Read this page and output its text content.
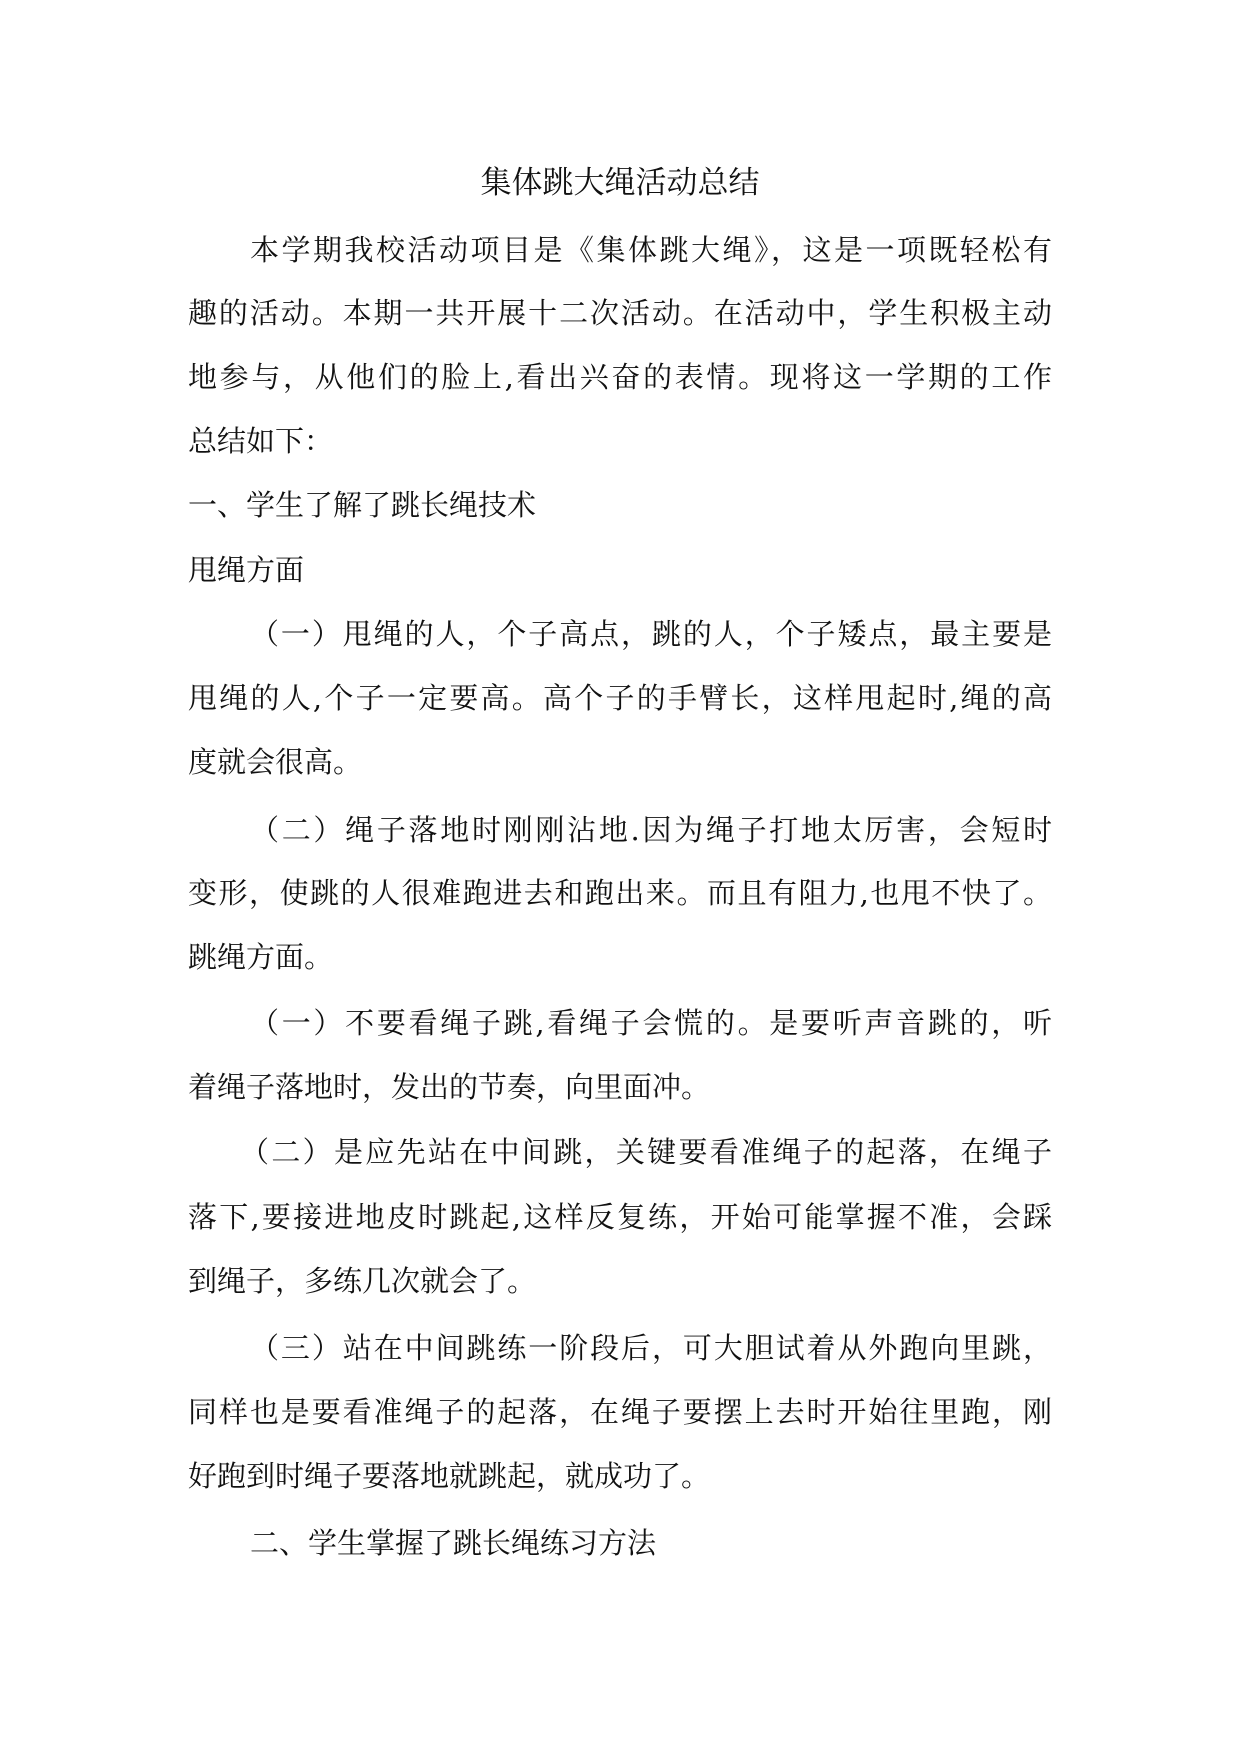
集体跳大绳活动总结
本学期我校活动项目是《集体跳大绳》，这是一项既轻松有
趣的活动。本期一共开展十二次活动。在活动中，学生积极主动
地参与，从他们的脸上,看出兴奋的表情。现将这一学期的工作
总结如下：
一、学生了解了跳长绳技术
甩绳方面
（一）甩绳的人，个子高点，跳的人，个子矮点，最主要是
甩绳的人,个子一定要高。高个子的手臂长，这样甩起时,绳的高
度就会很高。
（二）绳子落地时刚刚沾地.因为绳子打地太厉害，会短时
变形，使跳的人很难跑进去和跑出来。而且有阻力,也甩不快了。
跳绳方面。
（一）不要看绳子跳,看绳子会慌的。是要听声音跳的，听
着绳子落地时，发出的节奏，向里面冲。
（二）是应先站在中间跳，关键要看准绳子的起落，在绳子
落下,要接进地皮时跳起,这样反复练，开始可能掌握不准，会踩
到绳子，多练几次就会了。
（三）站在中间跳练一阶段后，可大胆试着从外跑向里跳，
同样也是要看准绳子的起落，在绳子要摆上去时开始往里跑，刚
好跑到时绳子要落地就跳起，就成功了。
二、学生掌握了跳长绳练习方法
